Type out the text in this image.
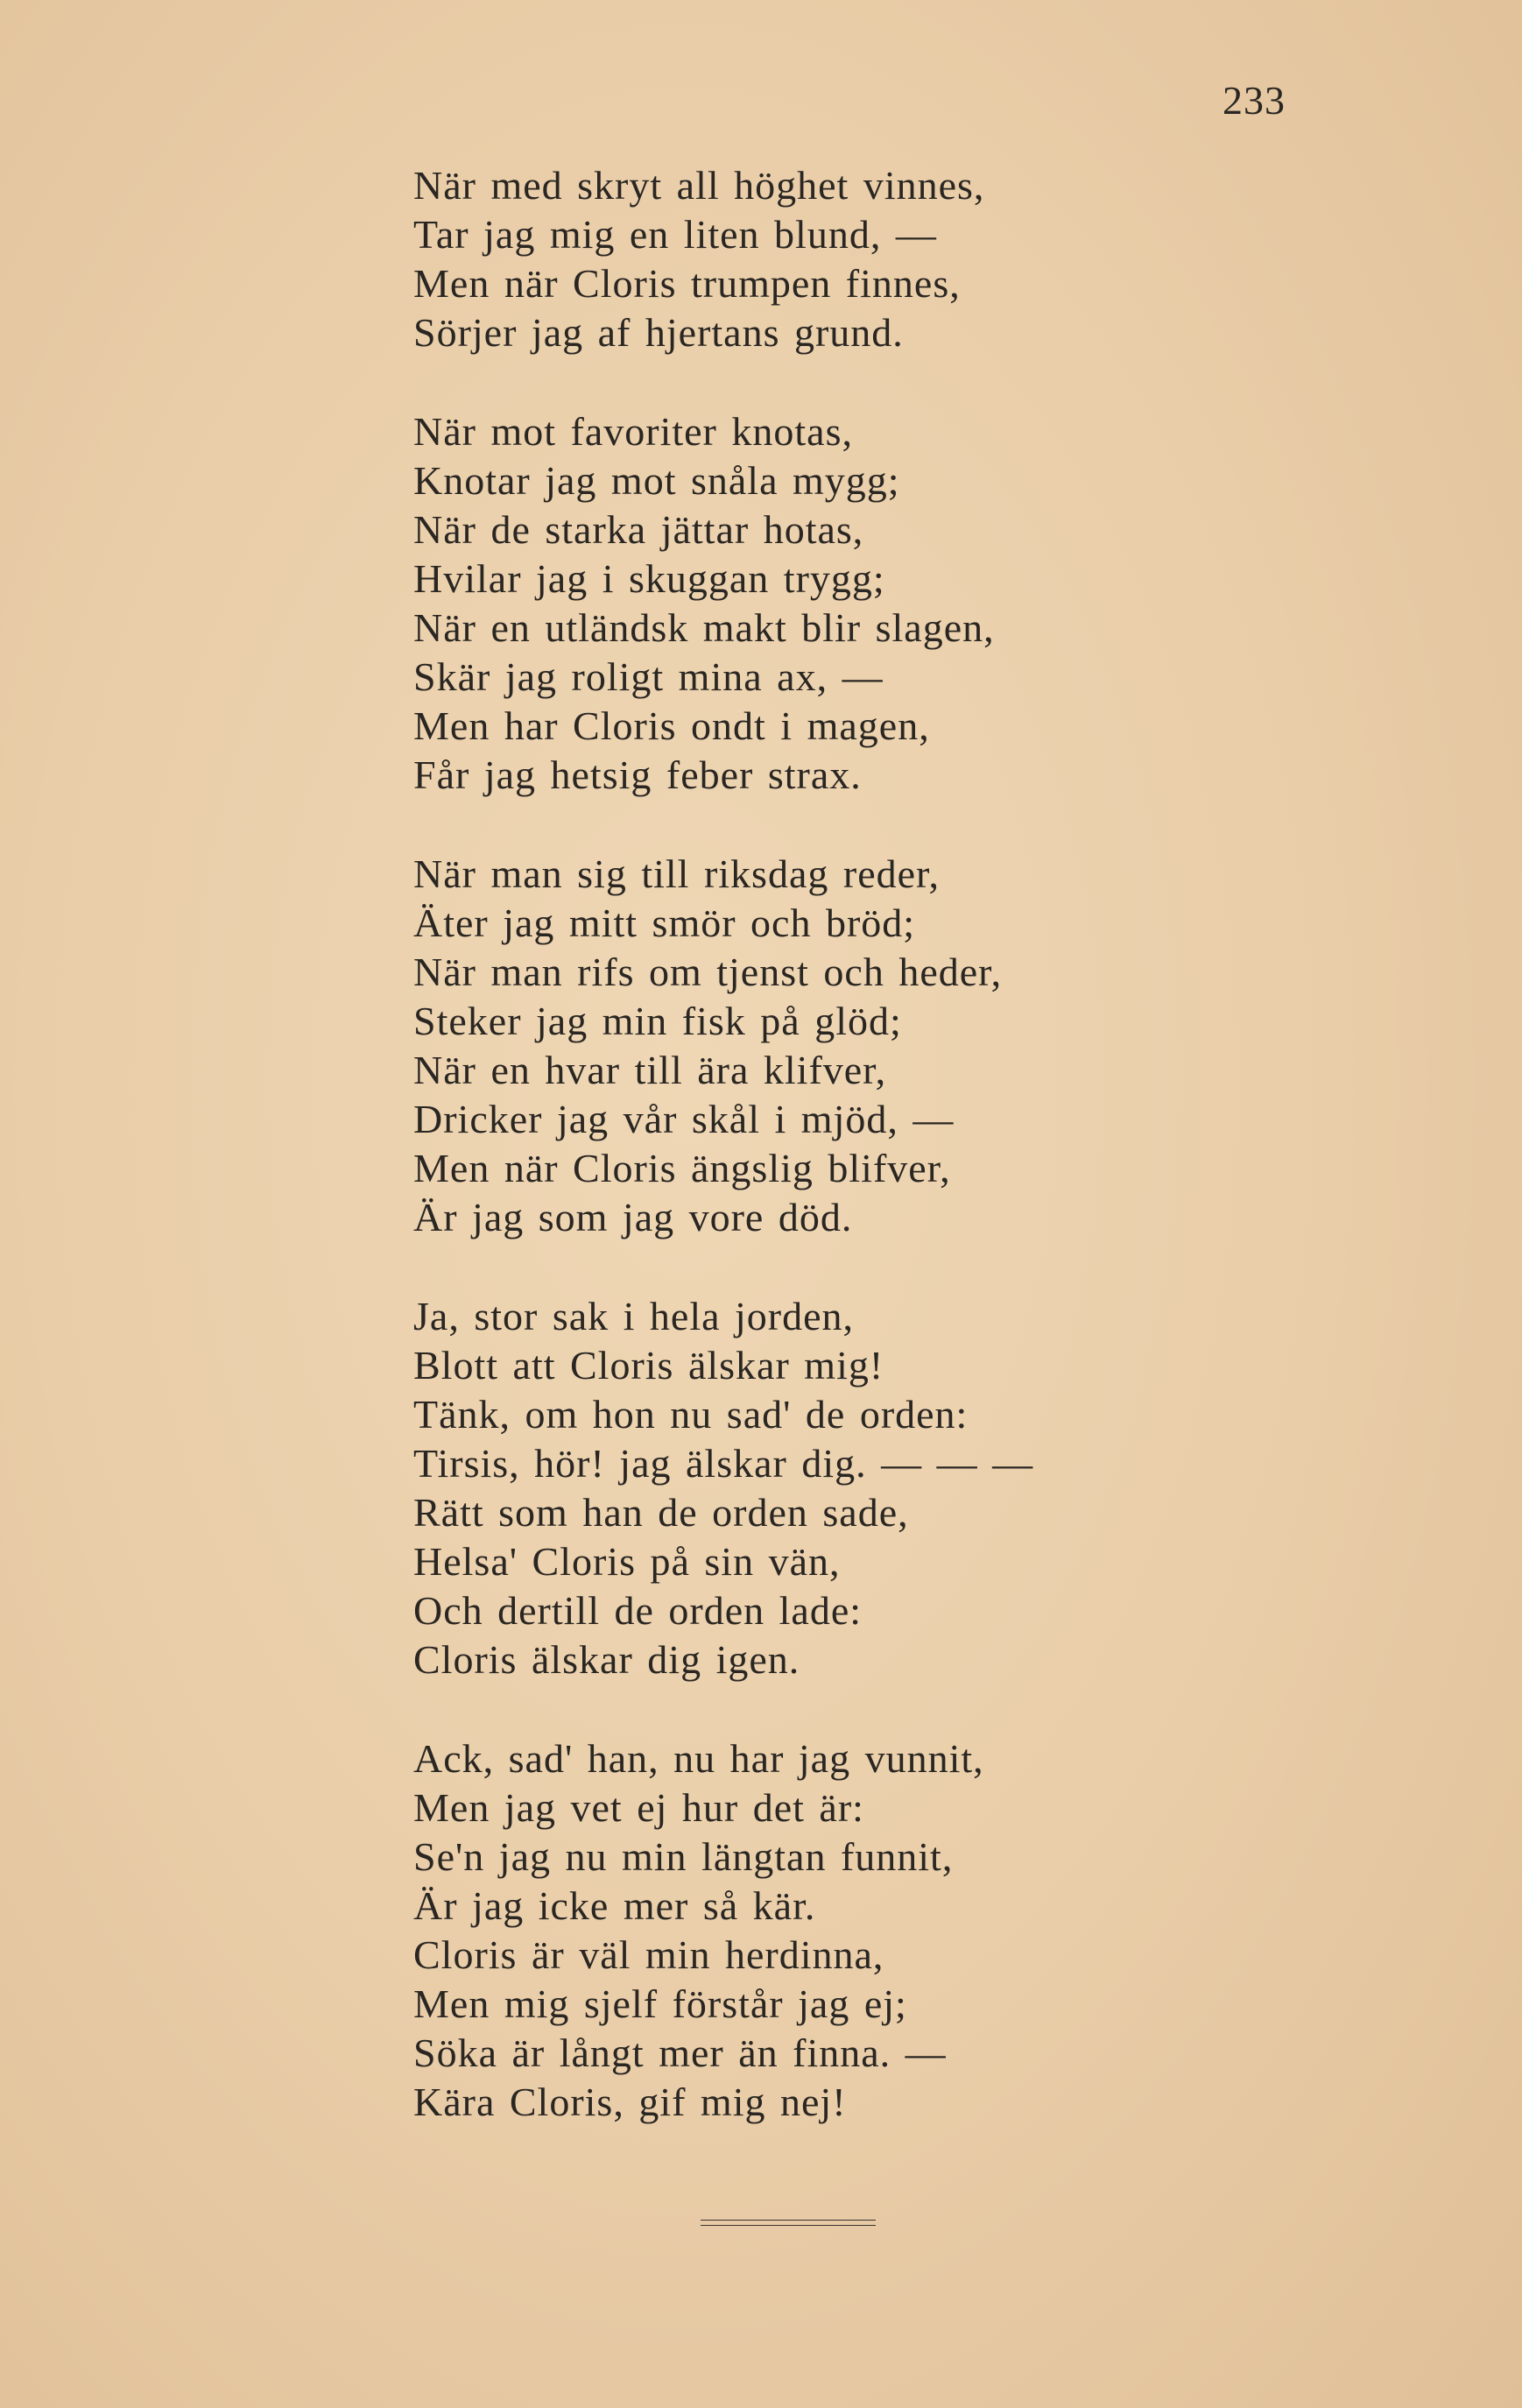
233
När med skryt all höghet vinnes,
Tar jag mig en liten blund, —
Men när Cloris trumpen finnes,
Sörjer jag af hjertans grund.
När mot favoriter knotas,
Knotar jag mot snåla mygg;
När de starka jättar hotas,
Hvilar jag i skuggan trygg;
När en utländsk makt blir slagen,
Skär jag roligt mina ax, —
Men har Cloris ondt i magen,
Får jag hetsig feber strax.
När man sig till riksdag reder,
Äter jag mitt smör och bröd;
När man rifs om tjenst och heder,
Steker jag min fisk på glöd;
När en hvar till ära klifver,
Dricker jag vår skål i mjöd, —
Men när Cloris ängslig blifver,
Är jag som jag vore död.
Ja, stor sak i hela jorden,
Blott att Cloris älskar mig!
Tänk, om hon nu sad' de orden:
Tirsis, hör! jag älskar dig. — — —
Rätt som han de orden sade,
Helsa' Cloris på sin vän,
Och dertill de orden lade:
Cloris älskar dig igen.
Ack, sad' han, nu har jag vunnit,
Men jag vet ej hur det är:
Se'n jag nu min längtan funnit,
Är jag icke mer så kär.
Cloris är väl min herdinna,
Men mig sjelf förstår jag ej;
Söka är långt mer än finna. —
Kära Cloris, gif mig nej!
